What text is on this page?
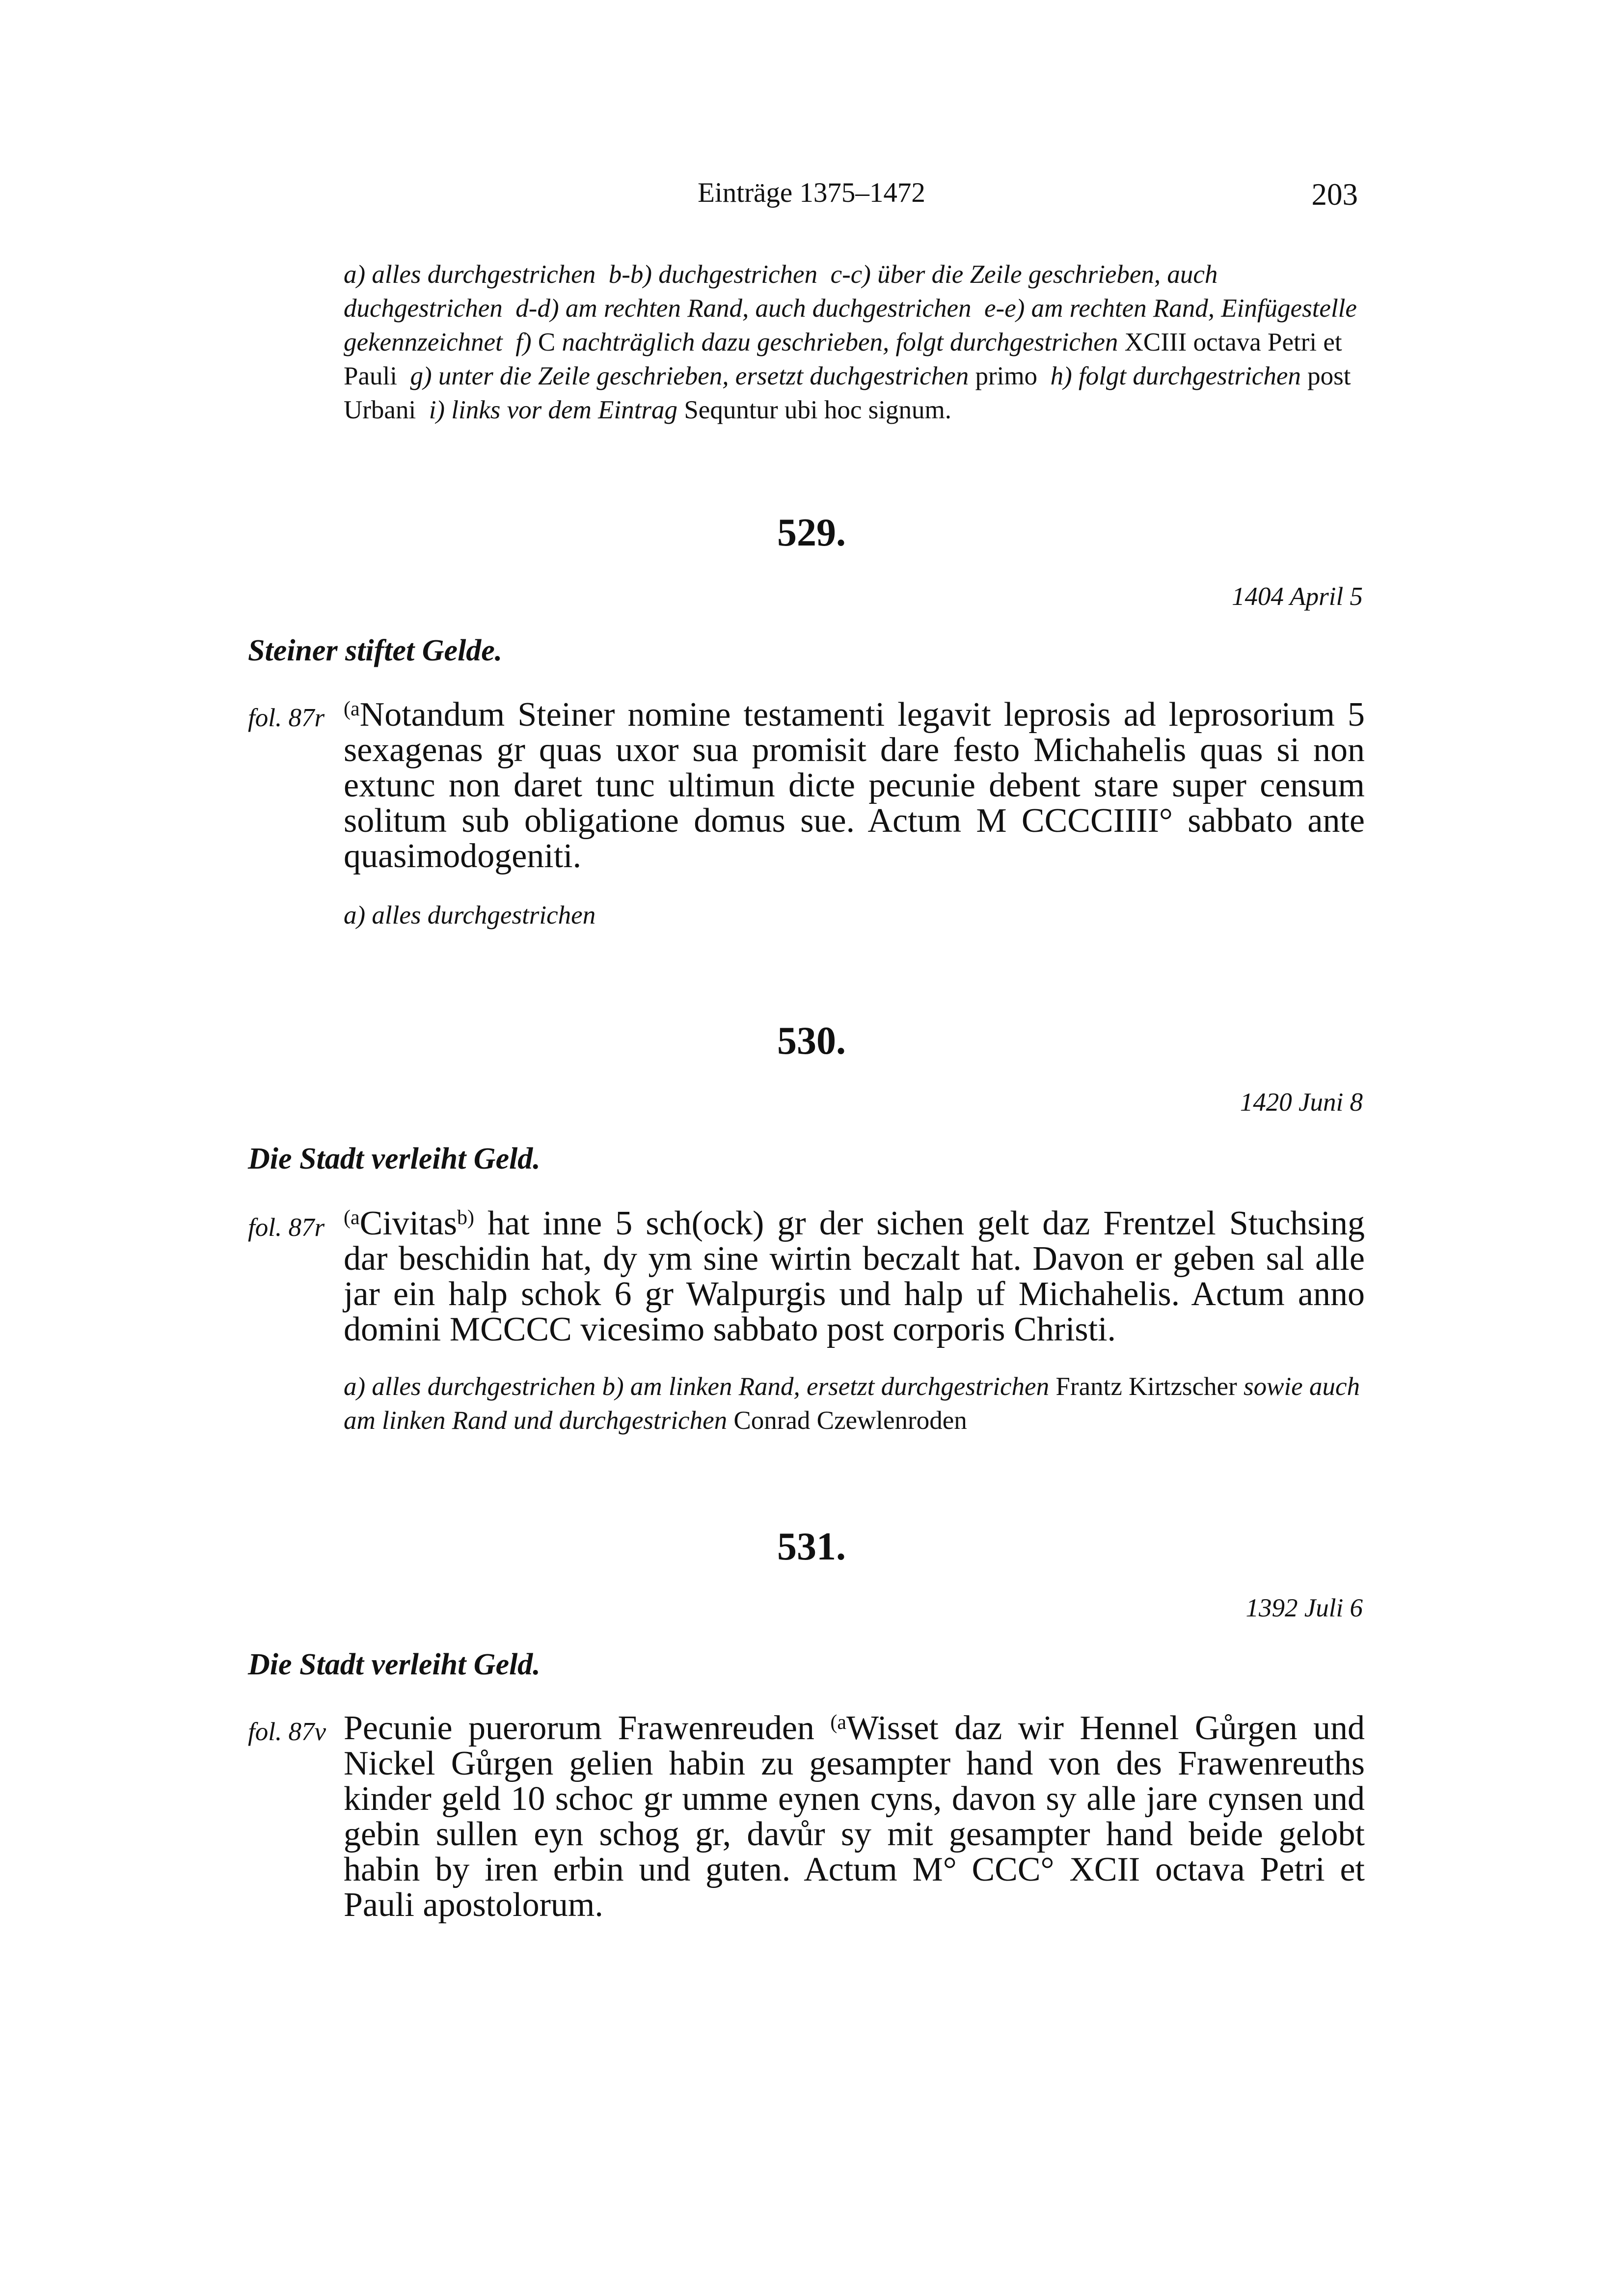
Einträge 1375–1472	203
a) alles durchgestrichen b-b) duchgestrichen c-c) über die Zeile geschrieben, auch duchgestrichen d-d) am rechten Rand, auch duchgestrichen e-e) am rechten Rand, Einfügestelle gekennzeichnet f) C nachträglich dazu geschrieben, folgt durchgestrichen XCIII octava Petri et Pauli g) unter die Zeile geschrieben, ersetzt duchgestrichen primo h) folgt durchgestrichen post Urbani i) links vor dem Eintrag Sequntur ubi hoc signum.
529.
1404 April 5
Steiner stiftet Gelde.
fol. 87r $^{(a}$Notandum Steiner nomine testamenti legavit leprosis ad leprosorium 5 sexagenas gr quas uxor sua promisit dare festo Michahelis quas si non extunc non daret tunc ultimun dicte pecunie debent stare super censum solitum sub obligatione domus sue. Actum M CCCCIIII° sabbato ante quasimodogeniti.
a) alles durchgestrichen
530.
1420 Juni 8
Die Stadt verleiht Geld.
fol. 87r $^{(a}$Civitas$^{b)}$ hat inne 5 sch(ock) gr der sichen gelt daz Frentzel Stuchsing dar beschidin hat, dy ym sine wirtin beczalt hat. Davon er geben sal alle jar ein halp schok 6 gr Walpurgis und halp uf Michahelis. Actum anno domini MCCCC vicesimo sabbato post corporis Christi.
a) alles durchgestrichen b) am linken Rand, ersetzt durchgestrichen Frantz Kirtzscher sowie auch am linken Rand und durchgestrichen Conrad Czewlenroden
531.
1392 Juli 6
Die Stadt verleiht Geld.
fol. 87v Pecunie puerorum Frawenreuden $^{(a}$Wisset daz wir Hennel Gůrgen und Nickel Gůrgen gelien habin zu gesampter hand von des Frawenreuths kinder geld 10 schoc gr umme eynen cyns, davon sy alle jare cynsen und gebin sullen eyn schog gr, davůr sy mit gesampter hand beide gelobt habin by iren erbin und guten. Actum M° CCC° XCII octava Petri et Pauli apostolorum.
